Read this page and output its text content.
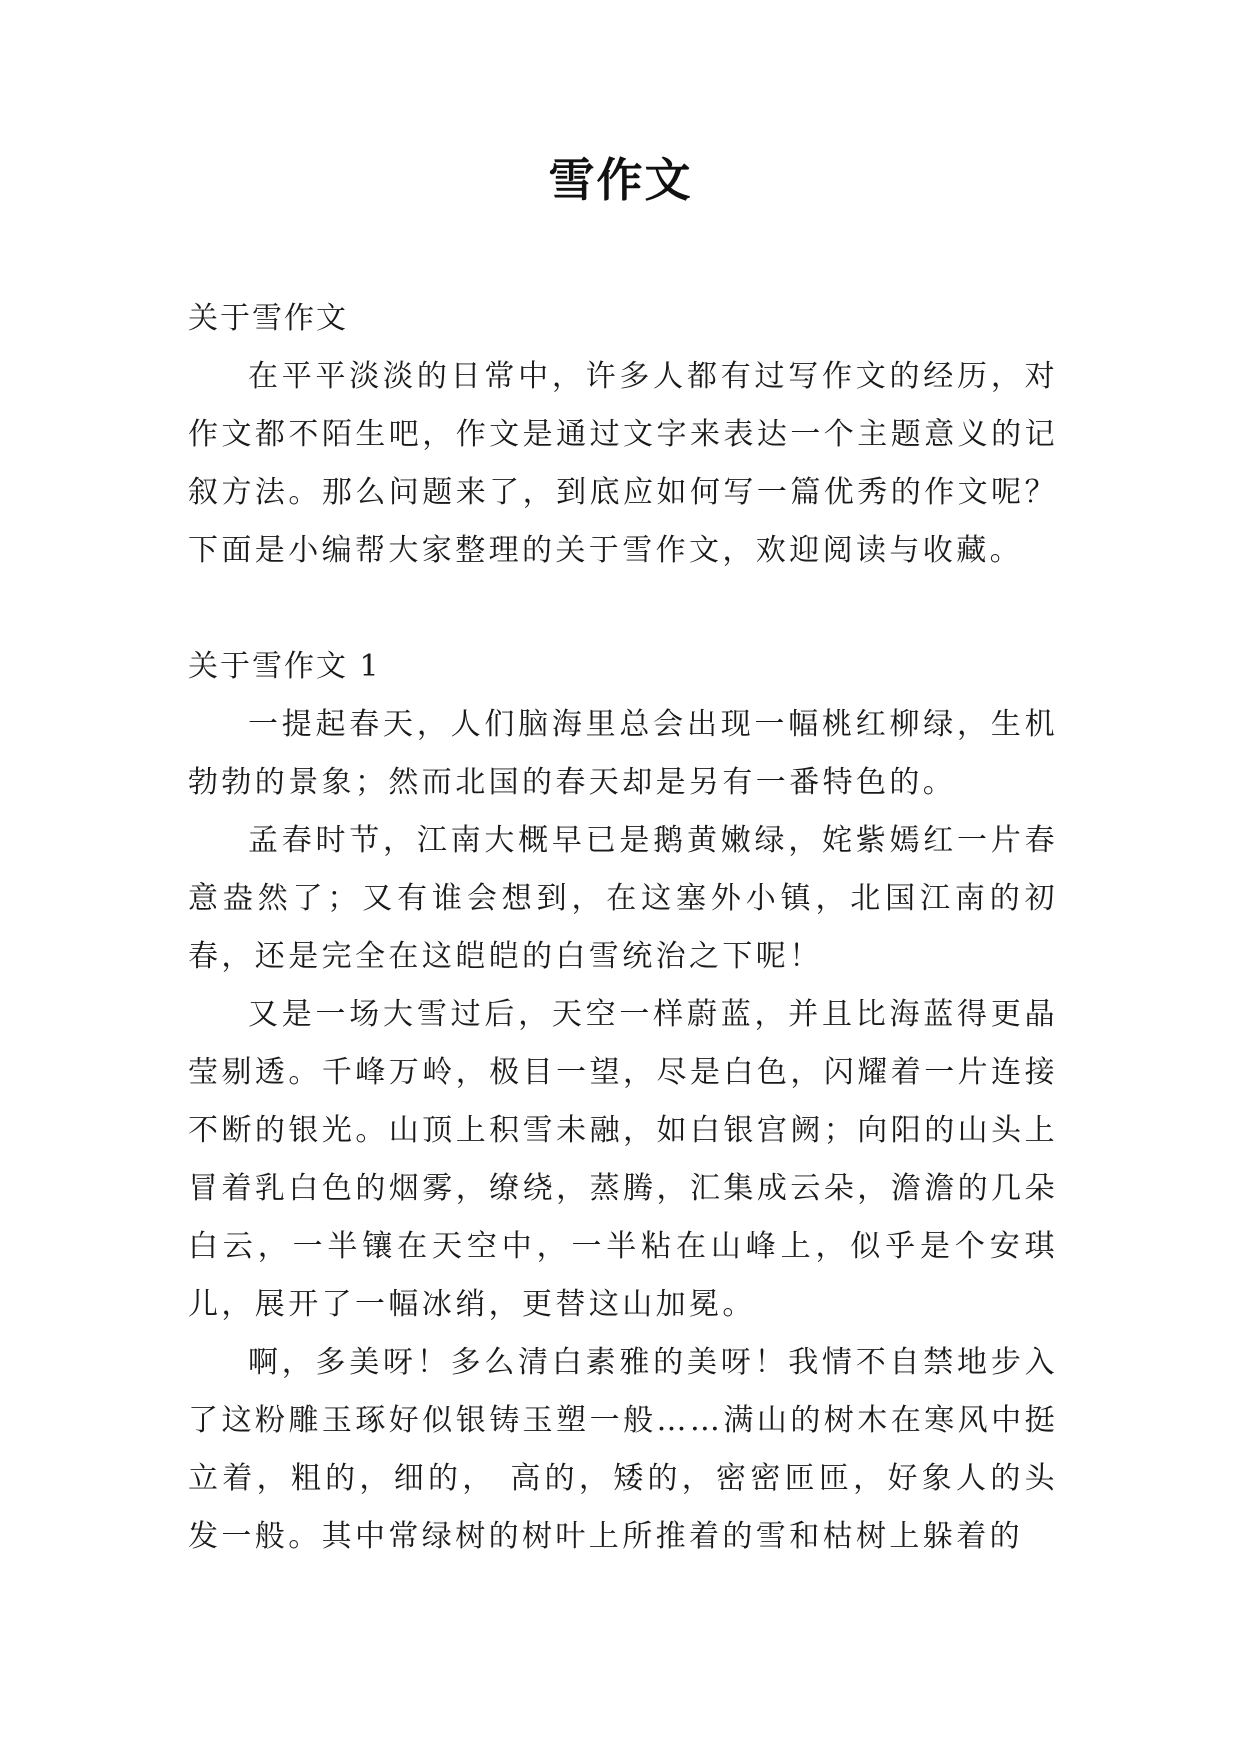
雪作文

关于雪作文

在平平淡淡的日常中，许多人都有过写作文的经历，对作文都不陌生吧，作文是通过文字来表达一个主题意义的记叙方法。那么问题来了，到底应如何写一篇优秀的作文呢？下面是小编帮大家整理的关于雪作文，欢迎阅读与收藏。

关于雪作文 1

一提起春天，人们脑海里总会出现一幅桃红柳绿，生机勃勃的景象；然而北国的春天却是另有一番特色的。

孟春时节，江南大概早已是鹅黄嫩绿，姹紫嫣红一片春意盎然了；又有谁会想到，在这塞外小镇，北国江南的初春，还是完全在这皑皑的白雪统治之下呢！

又是一场大雪过后，天空一样蔚蓝，并且比海蓝得更晶莹剔透。千峰万岭，极目一望，尽是白色，闪耀着一片连接不断的银光。山顶上积雪未融，如白银宫阙；向阳的山头上冒着乳白色的烟雾，缭绕，蒸腾，汇集成云朵，澹澹的几朵白云，一半镶在天空中，一半粘在山峰上，似乎是个安琪儿，展开了一幅冰绡，更替这山加冕。

啊，多美呀！多么清白素雅的美呀！我情不自禁地步入了这粉雕玉琢好似银铸玉塑一般……满山的树木在寒风中挺立着，粗的，细的， 高的，矮的，密密匝匝，好象人的头发一般。其中常绿树的树叶上所推着的雪和枯树上躲着的
